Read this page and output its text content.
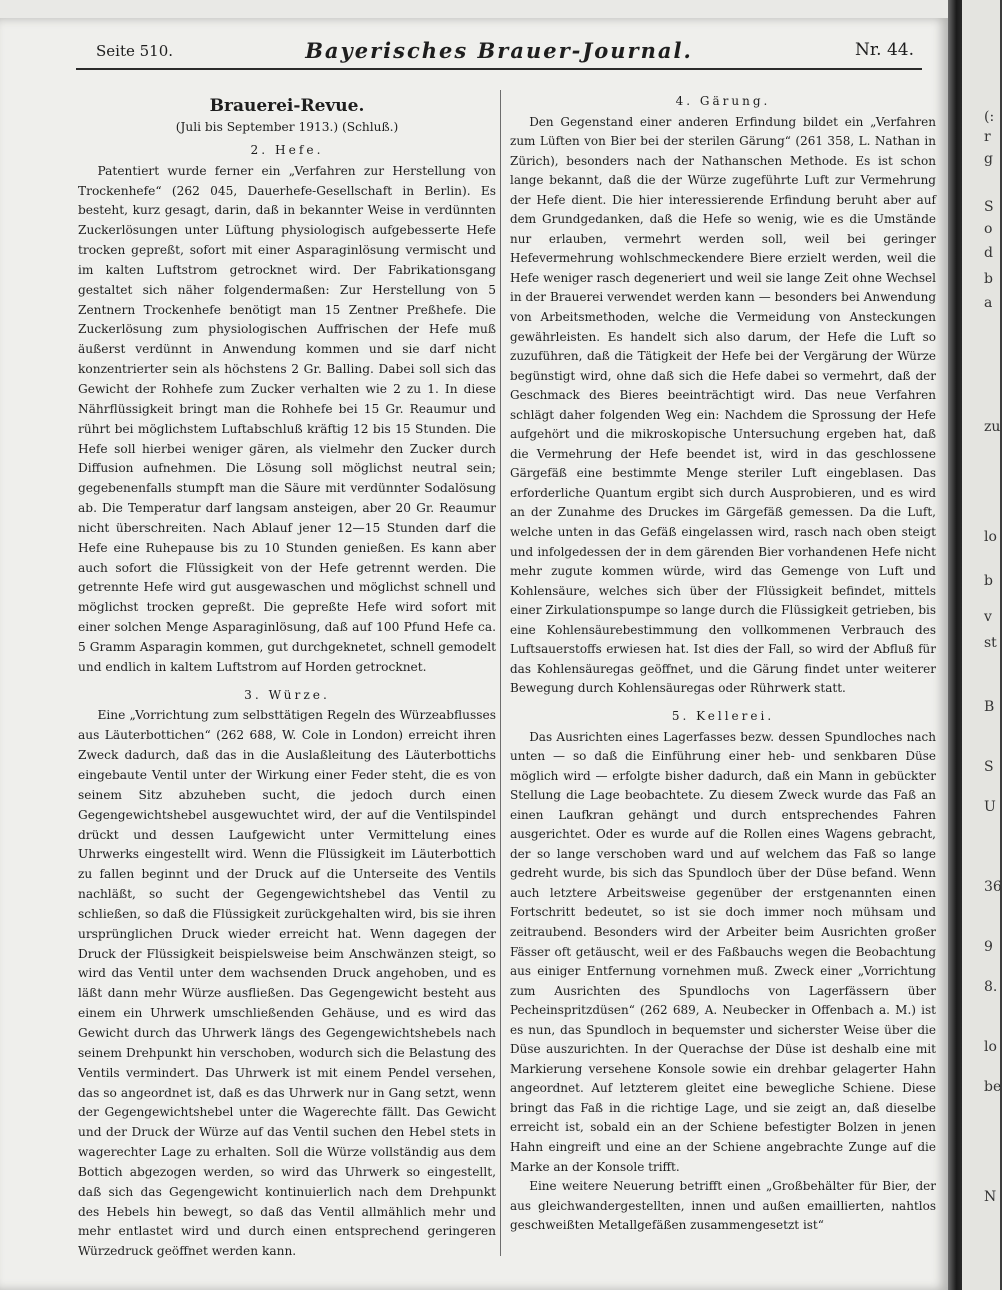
(:
r
g
S
o
d
b
a
zu
lo
b
v
st
B
S
U
36
9
8.
lo
be
N
Seite 510.	Bayerisches Brauer-Journal.	Nr. 44.
Brauerei-Revue.
(Juli bis September 1913.) (Schluß.)
2. Hefe.

Patentiert wurde ferner ein „Verfahren zur Herstellung von Trockenhefe“ (262 045, Dauerhefe-Gesellschaft in Berlin). Es besteht, kurz gesagt, darin, daß in bekannter Weise in verdünnten Zuckerlösungen unter Lüftung physiologisch aufgebesserte Hefe trocken gepreßt, sofort mit einer Asparaginlösung vermischt und im kalten Luftstrom getrocknet wird. Der Fabrikationsgang gestaltet sich näher folgendermaßen: Zur Herstellung von 5 Zentnern Trockenhefe benötigt man 15 Zentner Preßhefe. Die Zuckerlösung zum physiologischen Auffrischen der Hefe muß äußerst verdünnt in Anwendung kommen und sie darf nicht konzentrierter sein als höchstens 2 Gr. Balling. Dabei soll sich das Gewicht der Rohhefe zum Zucker verhalten wie 2 zu 1. In diese Nährflüssigkeit bringt man die Rohhefe bei 15 Gr. Reaumur und rührt bei möglichstem Luftabschluß kräftig 12 bis 15 Stunden. Die Hefe soll hierbei weniger gären, als vielmehr den Zucker durch Diffusion aufnehmen. Die Lösung soll möglichst neutral sein; gegebenenfalls stumpft man die Säure mit verdünnter Sodalösung ab. Die Temperatur darf langsam ansteigen, aber 20 Gr. Reaumur nicht überschreiten. Nach Ablauf jener 12—15 Stunden darf die Hefe eine Ruhepause bis zu 10 Stunden genießen. Es kann aber auch sofort die Flüssigkeit von der Hefe getrennt werden. Die getrennte Hefe wird gut ausgewaschen und möglichst schnell und möglichst trocken gepreßt. Die gepreßte Hefe wird sofort mit einer solchen Menge Asparaginlösung, daß auf 100 Pfund Hefe ca. 5 Gramm Asparagin kommen, gut durchgeknetet, schnell gemodelt und endlich in kaltem Luftstrom auf Horden getrocknet.

3. Würze.

Eine „Vorrichtung zum selbsttätigen Regeln des Würzeabflusses aus Läuterbottichen“ (262 688, W. Cole in London) erreicht ihren Zweck dadurch, daß das in die Auslaßleitung des Läuterbottichs eingebaute Ventil unter der Wirkung einer Feder steht, die es von seinem Sitz abzuheben sucht, die jedoch durch einen Gegengewichtshebel ausgewuchtet wird, der auf die Ventilspindel drückt und dessen Laufgewicht unter Vermittelung eines Uhrwerks eingestellt wird. Wenn die Flüssigkeit im Läuterbottich zu fallen beginnt und der Druck auf die Unterseite des Ventils nachläßt, so sucht der Gegengewichtshebel das Ventil zu schließen, so daß die Flüssigkeit zurückgehalten wird, bis sie ihren ursprünglichen Druck wieder erreicht hat. Wenn dagegen der Druck der Flüssigkeit beispielsweise beim Anschwänzen steigt, so wird das Ventil unter dem wachsenden Druck angehoben, und es läßt dann mehr Würze ausfließen. Das Gegengewicht besteht aus einem ein Uhrwerk umschließenden Gehäuse, und es wird das Gewicht durch das Uhrwerk längs des Gegengewichtshebels nach seinem Drehpunkt hin verschoben, wodurch sich die Belastung des Ventils vermindert. Das Uhrwerk ist mit einem Pendel versehen, das so angeordnet ist, daß es das Uhrwerk nur in Gang setzt, wenn der Gegengewichtshebel unter die Wagerechte fällt. Das Gewicht und der Druck der Würze auf das Ventil suchen den Hebel stets in wagerechter Lage zu erhalten. Soll die Würze vollständig aus dem Bottich abgezogen werden, so wird das Uhrwerk so eingestellt, daß sich das Gegengewicht kontinuierlich nach dem Drehpunkt des Hebels hin bewegt, so daß das Ventil allmählich mehr und mehr entlastet wird und durch einen entsprechend geringeren Würzedruck geöffnet werden kann.

4. Gärung.

Den Gegenstand einer anderen Erfindung bildet ein „Verfahren zum Lüften von Bier bei der sterilen Gärung“ (261 358, L. Nathan in Zürich), besonders nach der Nathanschen Methode. Es ist schon lange bekannt, daß die der Würze zugeführte Luft zur Vermehrung der Hefe dient. Die hier interessierende Erfindung beruht aber auf dem Grundgedanken, daß die Hefe so wenig, wie es die Umstände nur erlauben, vermehrt werden soll, weil bei geringer Hefevermehrung wohlschmeckendere Biere erzielt werden, weil die Hefe weniger rasch degeneriert und weil sie lange Zeit ohne Wechsel in der Brauerei verwendet werden kann — besonders bei Anwendung von Arbeitsmethoden, welche die Vermeidung von Ansteckungen gewährleisten. Es handelt sich also darum, der Hefe die Luft so zuzuführen, daß die Tätigkeit der Hefe bei der Vergärung der Würze begünstigt wird, ohne daß sich die Hefe dabei so vermehrt, daß der Geschmack des Bieres beeinträchtigt wird. Das neue Verfahren schlägt daher folgenden Weg ein: Nachdem die Sprossung der Hefe aufgehört und die mikroskopische Untersuchung ergeben hat, daß die Vermehrung der Hefe beendet ist, wird in das geschlossene Gärgefäß eine bestimmte Menge steriler Luft eingeblasen. Das erforderliche Quantum ergibt sich durch Ausprobieren, und es wird an der Zunahme des Druckes im Gärgefäß gemessen. Da die Luft, welche unten in das Gefäß eingelassen wird, rasch nach oben steigt und infolgedessen der in dem gärenden Bier vorhandenen Hefe nicht mehr zugute kommen würde, wird das Gemenge von Luft und Kohlensäure, welches sich über der Flüssigkeit befindet, mittels einer Zirkulationspumpe so lange durch die Flüssigkeit getrieben, bis eine Kohlensäurebestimmung den vollkommenen Verbrauch des Luftsauerstoffs erwiesen hat. Ist dies der Fall, so wird der Abfluß für das Kohlensäuregas geöffnet, und die Gärung findet unter weiterer Bewegung durch Kohlensäuregas oder Rührwerk statt.

5. Kellerei.

Das Ausrichten eines Lagerfasses bezw. dessen Spundloches nach unten — so daß die Einführung einer heb- und senkbaren Düse möglich wird — erfolgte bisher dadurch, daß ein Mann in gebückter Stellung die Lage beobachtete. Zu diesem Zweck wurde das Faß an einen Laufkran gehängt und durch entsprechendes Fahren ausgerichtet. Oder es wurde auf die Rollen eines Wagens gebracht, der so lange verschoben ward und auf welchem das Faß so lange gedreht wurde, bis sich das Spundloch über der Düse befand. Wenn auch letztere Arbeitsweise gegenüber der erstgenannten einen Fortschritt bedeutet, so ist sie doch immer noch mühsam und zeitraubend. Besonders wird der Arbeiter beim Ausrichten großer Fässer oft getäuscht, weil er des Faßbauchs wegen die Beobachtung aus einiger Entfernung vornehmen muß. Zweck einer „Vorrichtung zum Ausrichten des Spundlochs von Lagerfässern über Pecheinspritzdüsen“ (262 689, A. Neubecker in Offenbach a. M.) ist es nun, das Spundloch in bequemster und sicherster Weise über die Düse auszurichten. In der Querachse der Düse ist deshalb eine mit Markierung versehene Konsole sowie ein drehbar gelagerter Hahn angeordnet. Auf letzterem gleitet eine bewegliche Schiene. Diese bringt das Faß in die richtige Lage, und sie zeigt an, daß dieselbe erreicht ist, sobald ein an der Schiene befestigter Bolzen in jenen Hahn eingreift und eine an der Schiene angebrachte Zunge auf die Marke an der Konsole trifft.

Eine weitere Neuerung betrifft einen „Großbehälter für Bier, der aus gleichwandergestellten, innen und außen emaillierten, nahtlos geschweißten Metallgefäßen zusammengesetzt ist“
